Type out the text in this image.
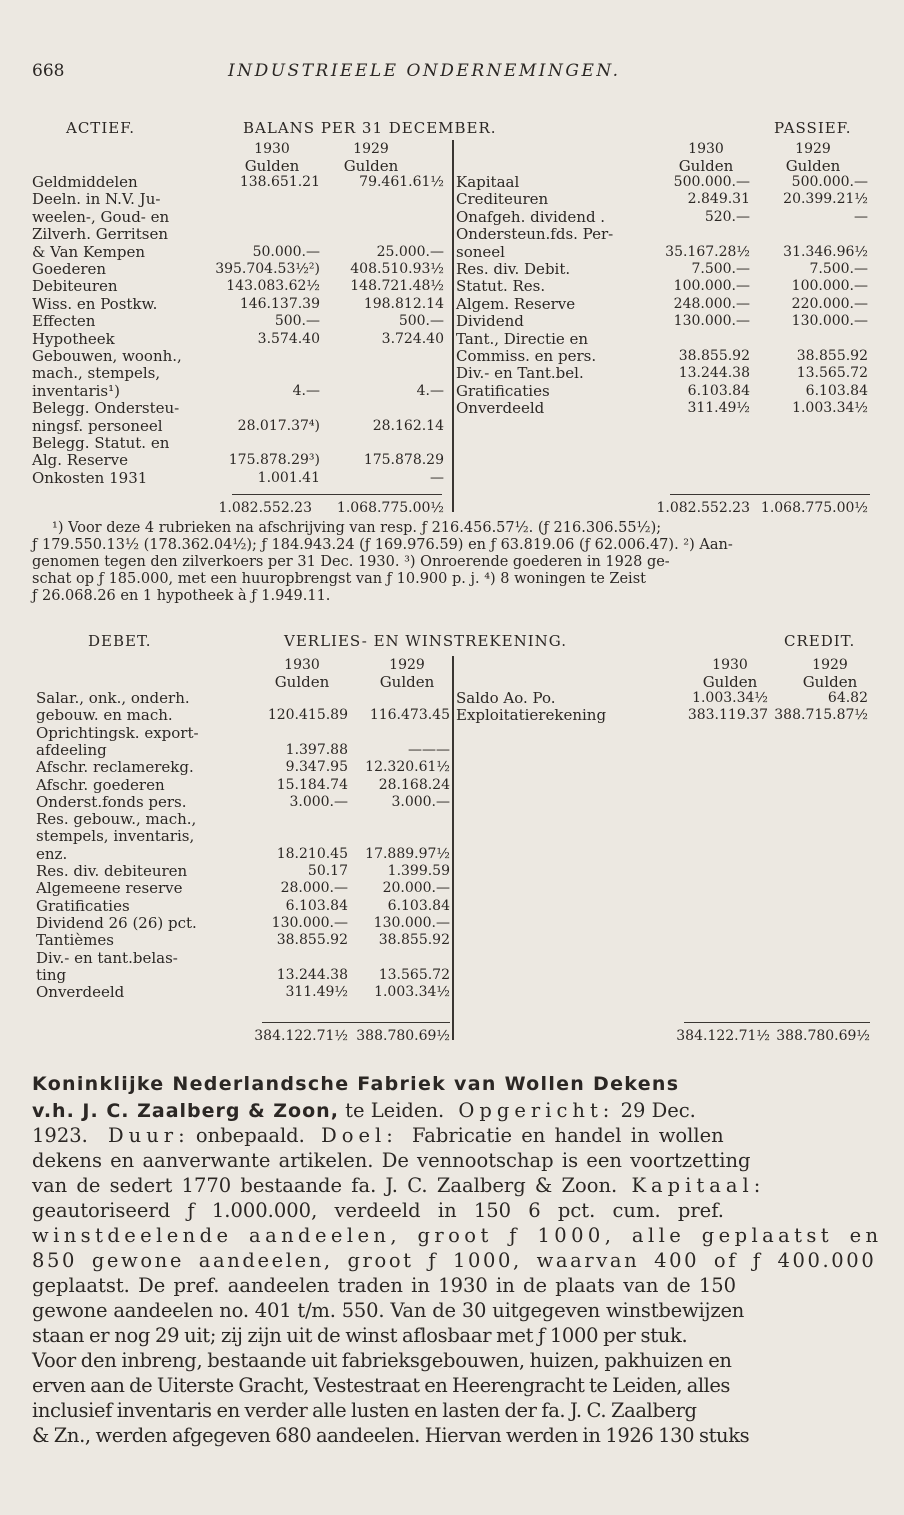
668	INDUSTRIEELE ONDERNEMINGEN.
ACTIEF.	BALANS PER 31 DECEMBER.	PASSIEF.
1930	1929
Gulden	Gulden
1930	1929
Gulden	Gulden
Geldmiddelen	138.651.21	79.461.61½
Deeln. in N.V. Ju-
weelen-, Goud- en
Zilverh. Gerritsen
& Van Kempen	50.000.—	25.000.—
Goederen	395.704.53½²)	408.510.93½
Debiteuren	143.083.62½	148.721.48½
Wiss. en Postkw.	146.137.39	198.812.14
Effecten	500.—	500.—
Hypotheek	3.574.40	3.724.40
Gebouwen, woonh.,
mach., stempels,
inventaris¹)	4.—	4.—
Belegg. Ondersteu-
ningsf. personeel	28.017.37⁴)	28.162.14
Belegg. Statut. en
Alg. Reserve	175.878.29³)	175.878.29
Onkosten 1931	1.001.41	—
Kapitaal	500.000.—	500.000.—
Crediteuren	2.849.31	20.399.21½
Onafgeh. dividend .	520.—	—
Ondersteun.fds. Per-
soneel	35.167.28½	31.346.96½
Res. div. Debit.	7.500.—	7.500.—
Statut. Res.	100.000.—	100.000.—
Algem. Reserve	248.000.—	220.000.—
Dividend	130.000.—	130.000.—
Tant., Directie en
Commiss. en pers.	38.855.92	38.855.92
Div.- en Tant.bel.	13.244.38	13.565.72
Gratificaties	6.103.84	6.103.84
Onverdeeld	311.49½	1.003.34½
1.082.552.23	1.068.775.00½	1.082.552.23 1.068.775.00½
¹) Voor deze 4 rubrieken na afschrijving van resp. ƒ 216.456.57½. (ƒ 216.306.55½);
ƒ 179.550.13½ (178.362.04½); ƒ 184.943.24 (ƒ 169.976.59) en ƒ 63.819.06 (ƒ 62.006.47). ²) Aan-
genomen tegen den zilverkoers per 31 Dec. 1930. ³) Onroerende goederen in 1928 ge-
schat op ƒ 185.000, met een huuropbrengst van ƒ 10.900 p. j. ⁴) 8 woningen te Zeist
ƒ 26.068.26 en 1 hypotheek à ƒ 1.949.11.
DEBET.	VERLIES- EN WINSTREKENING.	CREDIT.
1930	1929
Gulden	Gulden
1930	1929
Gulden	Gulden
Salar., onk., onderh.
gebouw. en mach.	120.415.89	116.473.45
Oprichtingsk. export-
afdeeling	1.397.88	———
Afschr. reclamerekg.	9.347.95	12.320.61½
Afschr. goederen	15.184.74	28.168.24
Onderst.fonds pers.	3.000.—	3.000.—
Res. gebouw., mach.,
stempels, inventaris,
enz.	18.210.45	17.889.97½
Res. div. debiteuren	50.17	1.399.59
Algemeene reserve	28.000.—	20.000.—
Gratificaties	6.103.84	6.103.84
Dividend 26 (26) pct.	130.000.—	130.000.—
Tantièmes	38.855.92	38.855.92
Div.- en tant.belas-
ting	13.244.38	13.565.72
Onverdeeld	311.49½	1.003.34½
Saldo Ao. Po.	1.003.34½	64.82
Exploitatierekening	383.119.37 388.715.87½
384.122.71½ 388.780.69½	384.122.71½ 388.780.69½
Koninklijke Nederlandsche Fabriek van Wollen Dekens
v.h. J. C. Zaalberg & Zoon, te Leiden. Opgericht: 29 Dec.
1923. Duur: onbepaald. Doel: Fabricatie en handel in wollen
dekens en aanverwante artikelen. De vennootschap is een voortzetting
van de sedert 1770 bestaande fa. J. C. Zaalberg & Zoon. Kapitaal:
geautoriseerd ƒ 1.000.000, verdeeld in 150 6 pct. cum. pref.
winstdeelende aandeelen, groot ƒ 1000, alle geplaatst en
850 gewone aandeelen, groot ƒ 1000, waarvan 400 of ƒ 400.000
geplaatst. De pref. aandeelen traden in 1930 in de plaats van de 150
gewone aandeelen no. 401 t/m. 550. Van de 30 uitgegeven winstbewijzen
staan er nog 29 uit; zij zijn uit de winst aflosbaar met ƒ 1000 per stuk.
Voor den inbreng, bestaande uit fabrieksgebouwen, huizen, pakhuizen en
erven aan de Uiterste Gracht, Vestestraat en Heerengracht te Leiden, alles
inclusief inventaris en verder alle lusten en lasten der fa. J. C. Zaalberg
& Zn., werden afgegeven 680 aandeelen. Hiervan werden in 1926 130 stuks
